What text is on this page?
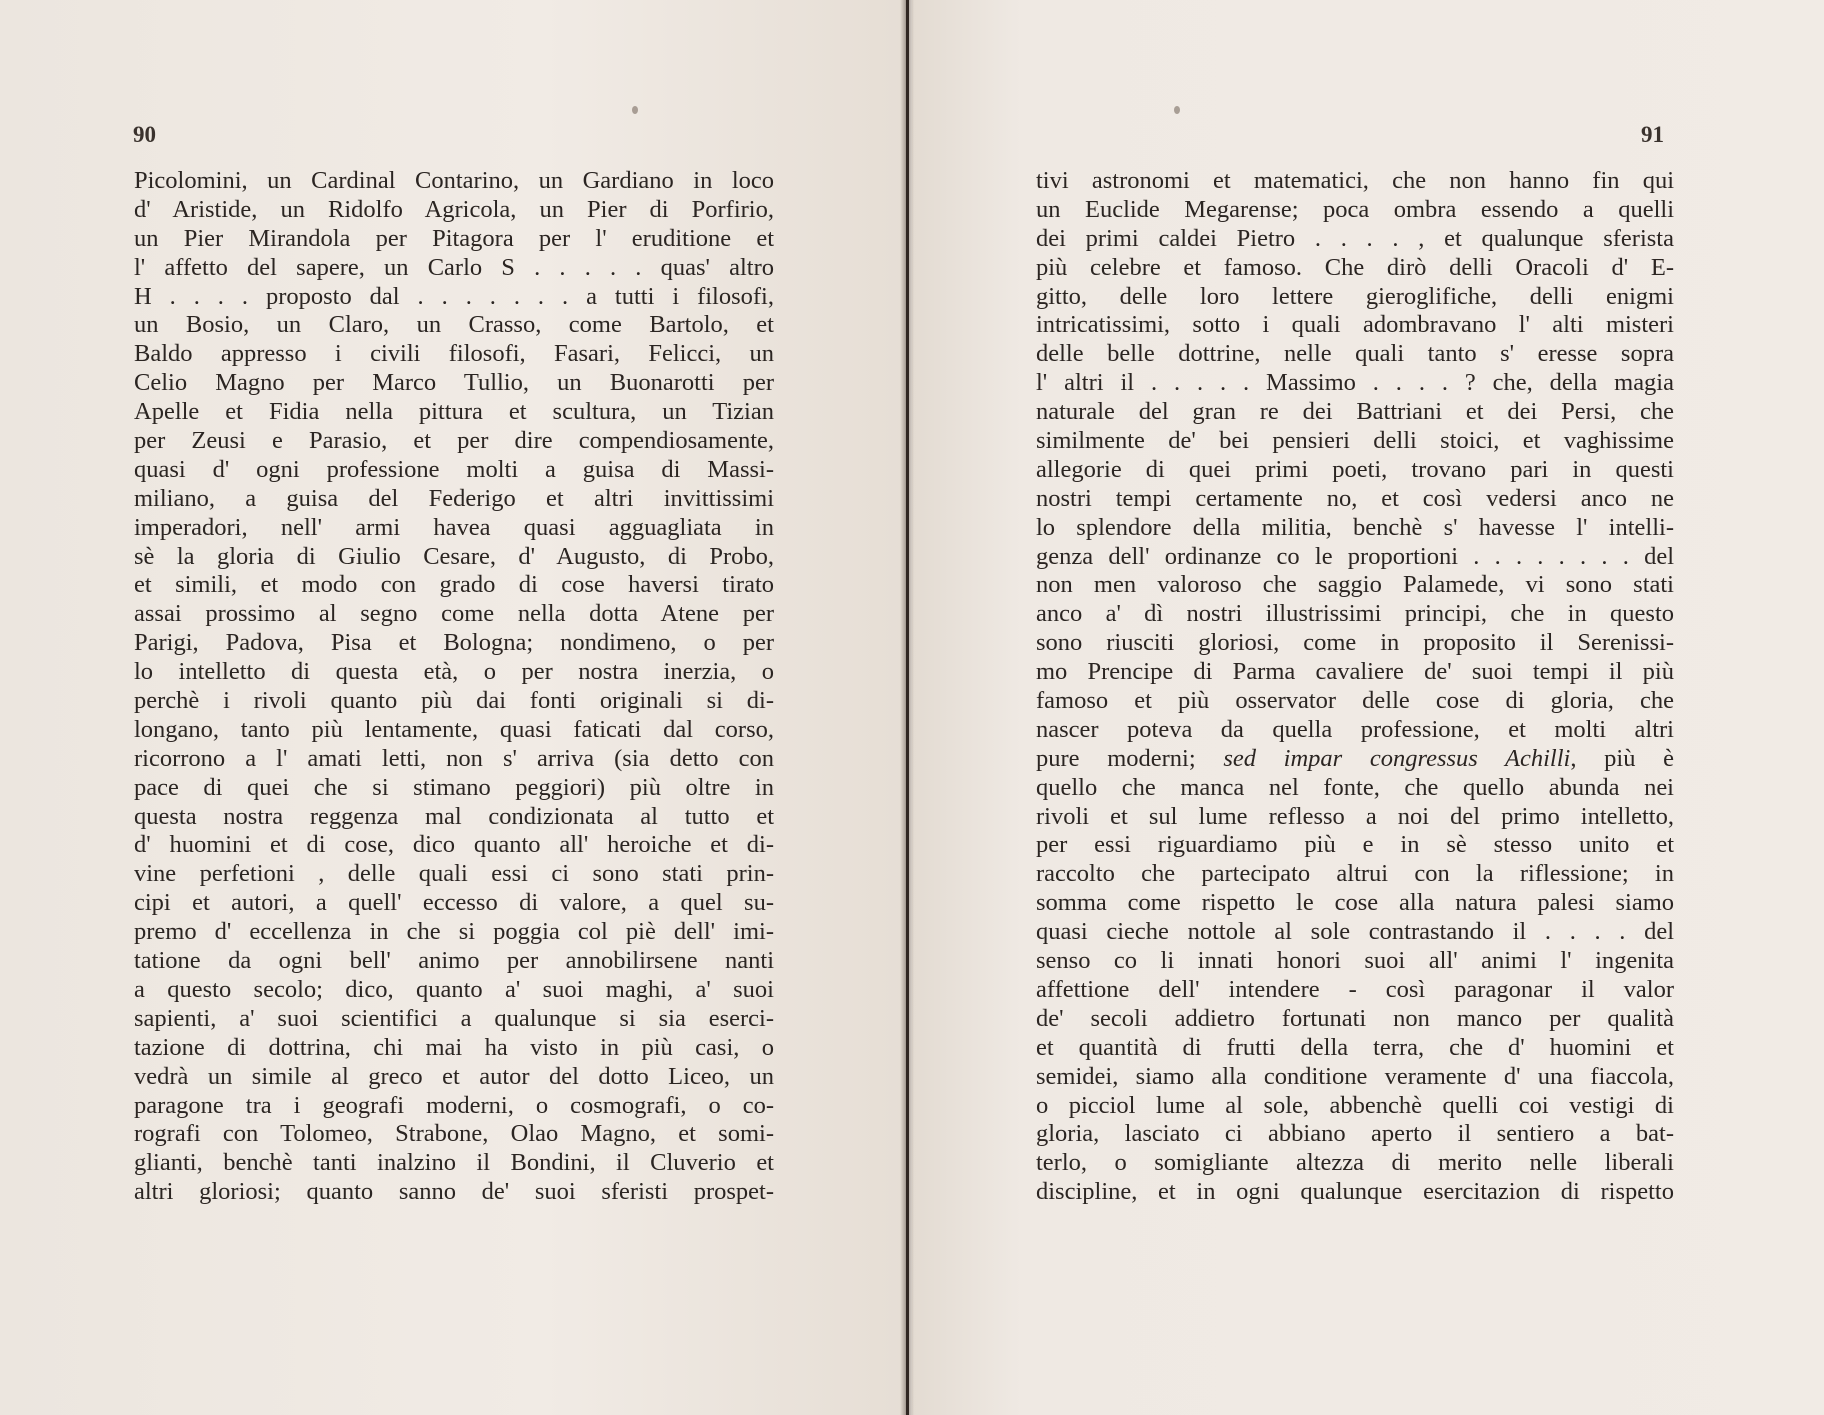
90
Picolomini, un Cardinal Contarino, un Gardiano in loco
d' Aristide, un Ridolfo Agricola, un Pier di Porfirio,
un Pier Mirandola per Pitagora per l' eruditione et
l' affetto del sapere, un Carlo S . . . . . quas' altro
H . . . . proposto dal . . . . . . . a tutti i filosofi,
un Bosio, un Claro, un Crasso, come Bartolo, et
Baldo appresso i civili filosofi, Fasari, Felicci, un
Celio Magno per Marco Tullio, un Buonarotti per
Apelle et Fidia nella pittura et scultura, un Tizian
per Zeusi e Parasio, et per dire compendiosamente,
quasi d' ogni professione molti a guisa di Massi-
miliano, a guisa del Federigo et altri invittissimi
imperadori, nell' armi havea quasi agguagliata in
sè la gloria di Giulio Cesare, d' Augusto, di Probo,
et simili, et modo con grado di cose haversi tirato
assai prossimo al segno come nella dotta Atene per
Parigi, Padova, Pisa et Bologna; nondimeno, o per
lo intelletto di questa età, o per nostra inerzia, o
perchè i rivoli quanto più dai fonti originali si di-
longano, tanto più lentamente, quasi faticati dal corso,
ricorrono a l' amati letti, non s' arriva (sia detto con
pace di quei che si stimano peggiori) più oltre in
questa nostra reggenza mal condizionata al tutto et
d' huomini et di cose, dico quanto all' heroiche et di-
vine perfetioni , delle quali essi ci sono stati prin-
cipi et autori, a quell' eccesso di valore, a quel su-
premo d' eccellenza in che si poggia col piè dell' imi-
tatione da ogni bell' animo per annobilirsene nanti
a questo secolo; dico, quanto a' suoi maghi, a' suoi
sapienti, a' suoi scientifici a qualunque si sia eserci-
tazione di dottrina, chi mai ha visto in più casi, o
vedrà un simile al greco et autor del dotto Liceo, un
paragone tra i geografi moderni, o cosmografi, o co-
rografi con Tolomeo, Strabone, Olao Magno, et somi-
glianti, benchè tanti inalzino il Bondini, il Cluverio et
altri gloriosi; quanto sanno de' suoi sferisti prospet-
91
tivi astronomi et matematici, che non hanno fin qui
un Euclide Megarense; poca ombra essendo a quelli
dei primi caldei Pietro . . . . , et qualunque sferista
più celebre et famoso. Che dirò delli Oracoli d' E-
gitto, delle loro lettere gieroglifiche, delli enigmi
intricatissimi, sotto i quali adombravano l' alti misteri
delle belle dottrine, nelle quali tanto s' eresse sopra
l' altri il . . . . . Massimo . . . . ? che, della magia
naturale del gran re dei Battriani et dei Persi, che
similmente de' bei pensieri delli stoici, et vaghissime
allegorie di quei primi poeti, trovano pari in questi
nostri tempi certamente no, et così vedersi anco ne
lo splendore della militia, benchè s' havesse l' intelli-
genza dell' ordinanze co le proportioni . . . . . . . . del
non men valoroso che saggio Palamede, vi sono stati
anco a' dì nostri illustrissimi principi, che in questo
sono riusciti gloriosi, come in proposito il Serenissi-
mo Prencipe di Parma cavaliere de' suoi tempi il più
famoso et più osservator delle cose di gloria, che
nascer poteva da quella professione, et molti altri
pure moderni; sed impar congressus Achilli, più è
quello che manca nel fonte, che quello abunda nei
rivoli et sul lume reflesso a noi del primo intelletto,
per essi riguardiamo più e in sè stesso unito et
raccolto che partecipato altrui con la riflessione; in
somma come rispetto le cose alla natura palesi siamo
quasi cieche nottole al sole contrastando il . . . . del
senso co li innati honori suoi all' animi l' ingenita
affettione dell' intendere - così paragonar il valor
de' secoli addietro fortunati non manco per qualità
et quantità di frutti della terra, che d' huomini et
semidei, siamo alla conditione veramente d' una fiaccola,
o picciol lume al sole, abbenchè quelli coi vestigi di
gloria, lasciato ci abbiano aperto il sentiero a bat-
terlo, o somigliante altezza di merito nelle liberali
discipline, et in ogni qualunque esercitazion di rispetto
